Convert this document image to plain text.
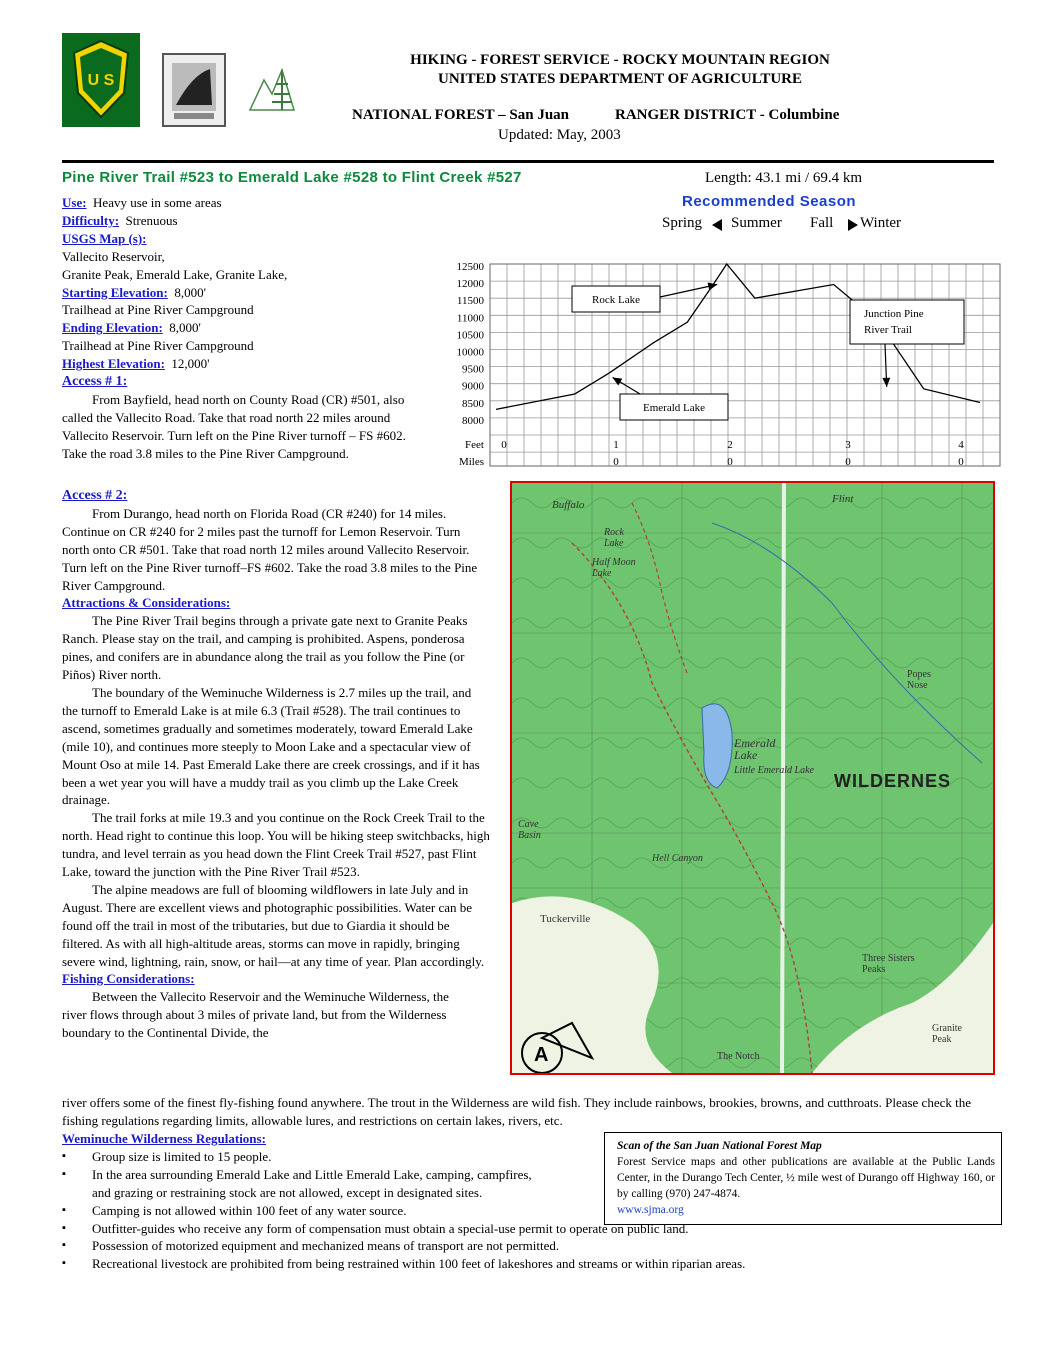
U S
HIKING - FOREST SERVICE - ROCKY MOUNTAIN REGION
UNITED STATES DEPARTMENT OF AGRICULTURE
NATIONAL FOREST – San Juan	RANGER DISTRICT - Columbine
Updated: May, 2003
Pine River Trail #523 to Emerald Lake #528 to Flint Creek #527	Length: 43.1 mi / 69.4 km
Recommended Season
Spring Summer Fall Winter
Use: Heavy use in some areas
Difficulty: Strenuous
USGS Map (s):
Vallecito Reservoir,
Granite Peak, Emerald Lake, Granite Lake,
Starting Elevation: 8,000'
Trailhead at Pine River Campground
Ending Elevation: 8,000'
Trailhead at Pine River Campground
Highest Elevation: 12,000'
Access # 1:

From Bayfield, head north on County Road (CR) #501, also called the Vallecito Road. Take that road north 22 miles around Vallecito Reservoir. Turn left on the Pine River turnoff – FS #602. Take the road 3.8 miles to the Pine River Campground.

12500
12000
11500
11000
10500
10000
9500
9000
8500
8000
Feet
Miles
0	1
0
2
0
3
0
4
0
Rock Lake
Emerald Lake
Junction Pine
River Trail
Access # 2:

From Durango, head north on Florida Road (CR #240) for 14 miles. Continue on CR #240 for 2 miles past the turnoff for Lemon Reservoir. Turn north onto CR #501. Take that road north 12 miles around Vallecito Reservoir. Turn left on the Pine River turnoff–FS #602. Take the road 3.8 miles to the Pine River Campground.

Attractions & Considerations:

The Pine River Trail begins through a private gate next to Granite Peaks Ranch. Please stay on the trail, and camping is prohibited. Aspens, ponderosa pines, and conifers are in abundance along the trail as you follow the Pine (or Piños) River north.

The boundary of the Weminuche Wilderness is 2.7 miles up the trail, and the turnoff to Emerald Lake is at mile 6.3 (Trail #528). The trail continues to ascend, sometimes gradually and sometimes moderately, toward Emerald Lake (mile 10), and continues more steeply to Moon Lake and a spectacular view of Mount Oso at mile 14. Past Emerald Lake there are creek crossings, and if it has been a wet year you will have a muddy trail as you climb up the Lake Creek drainage.

The trail forks at mile 19.3 and you continue on the Rock Creek Trail to the north. Head right to continue this loop. You will be hiking steep switchbacks, high tundra, and level terrain as you head down the Flint Creek Trail #527, past Flint Lake, toward the junction with the Pine River Trail #523.

The alpine meadows are full of blooming wildflowers in late July and in August. There are excellent views and photographic possibilities. Water can be found off the trail in most of the tributaries, but due to Giardia it should be filtered. As with all high-altitude areas, storms can move in rapidly, bringing severe wind, lightning, rain, snow, or hail—at any time of year. Plan accordingly.

Fishing Considerations:

Between the Vallecito Reservoir and the Weminuche Wilderness, the river flows through about 3 miles of private land, but from the Wilderness boundary to the Continental Divide, the

A
Buffalo	Flint
Rock Lake
Half Moon Lake
Emerald Lake
Little Emerald Lake
WILDERNES
Popes Nose
Cave Basin
Hell Canyon
Tuckerville
Three Sisters Peaks
The Notch
Granite Peak

river offers some of the finest fly-fishing found anywhere. The trout in the Wilderness are wild fish. They include rainbows, brookies, browns, and cutthroats. Please check the fishing regulations regarding limits, allowable lures, and restrictions on certain lakes, rivers, etc.

Weminuche Wilderness Regulations:
▪ Group size is limited to 15 people.
▪ In the area surrounding Emerald Lake and Little Emerald Lake, camping, campfires, and grazing or restraining stock are not allowed, except in designated sites.
▪ Camping is not allowed within 100 feet of any water source.
▪ Outfitter-guides who receive any form of compensation must obtain a special-use permit to operate on public land.
▪ Possession of motorized equipment and mechanized means of transport are not permitted.
▪ Recreational livestock are prohibited from being restrained within 100 feet of lakeshores and streams or within riparian areas.
Scan of the San Juan National Forest Map
Forest Service maps and other publications are available at the Public Lands Center, in the Durango Tech Center, ½ mile west of Durango off Highway 160, or by calling (970) 247-4874.
www.sjma.org
